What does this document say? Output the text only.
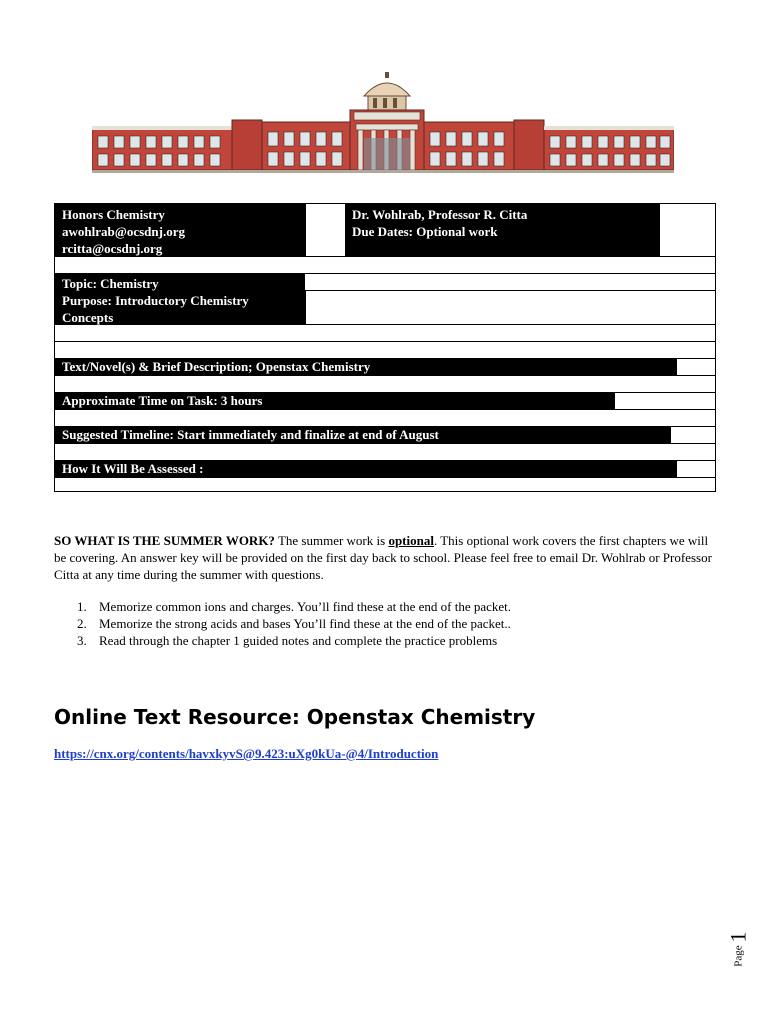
Honors Chemistry
awohlrab@ocsdnj.org
rcitta@ocsdnj.org
Dr. Wohlrab, Professor R. Citta
Due Dates: Optional work
Topic: Chemistry
Purpose: Introductory Chemistry
Concepts
Text/Novel(s) & Brief Description; Openstax Chemistry
Approximate Time on Task: 3 hours
Suggested Timeline: Start immediately and finalize at end of August
How It Will Be Assessed :
SO WHAT IS THE SUMMER WORK? The summer work is optional. This optional work covers the first chapters we will be covering. An answer key will be provided on the first day back to school. Please feel free to email Dr. Wohlrab or Professor Citta at any time during the summer with questions.
1. Memorize common ions and charges. You’ll find these at the end of the packet.
2. Memorize the strong acids and bases You’ll find these at the end of the packet..
3. Read through the chapter 1 guided notes and complete the practice problems
Online Text Resource: Openstax Chemistry
https://cnx.org/contents/havxkyvS@9.423:uXg0kUa-@4/Introduction
1
Page
